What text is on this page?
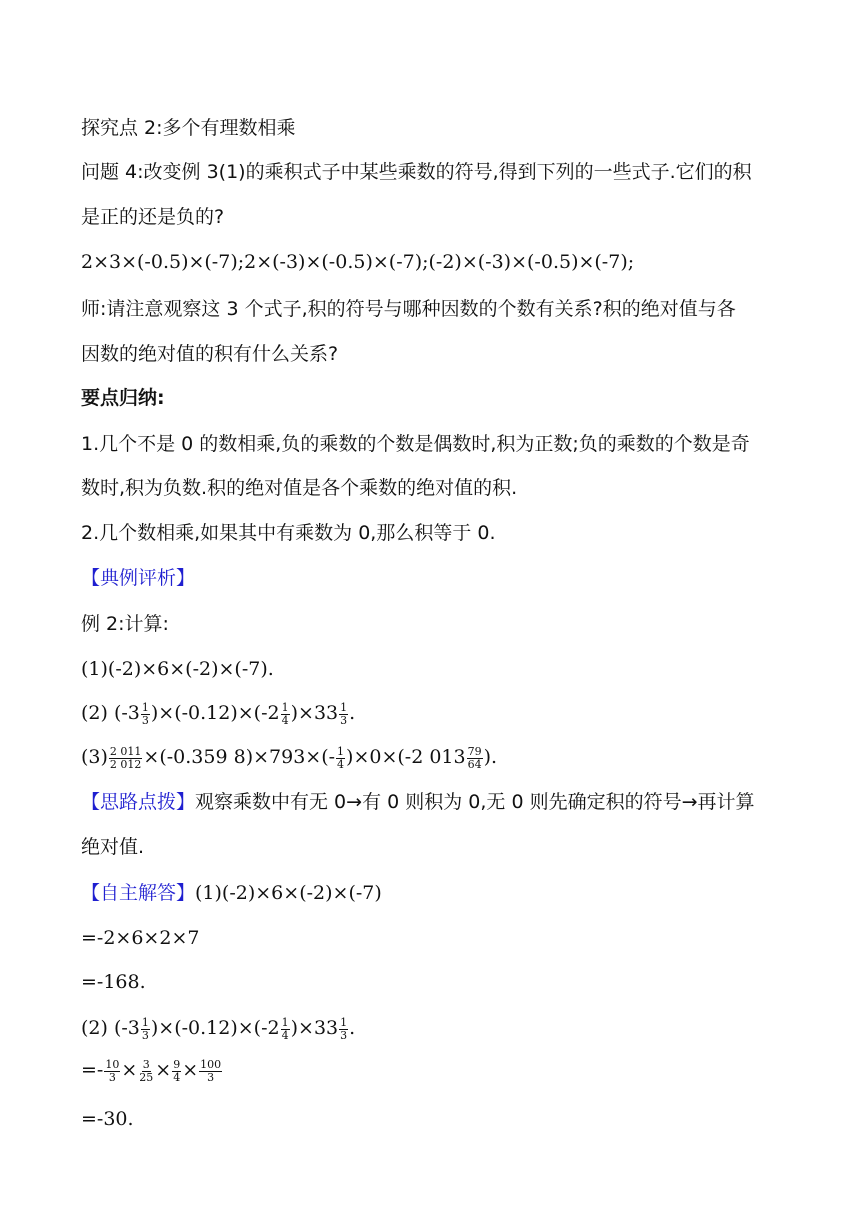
探究点 2:多个有理数相乘
问题 4:改变例 3(1)的乘积式子中某些乘数的符号,得到下列的一些式子.它们的积
是正的还是负的?
2×3×(-0.5)×(-7);2×(-3)×(-0.5)×(-7);(-2)×(-3)×(-0.5)×(-7);
师:请注意观察这 3 个式子,积的符号与哪种因数的个数有关系?积的绝对值与各
因数的绝对值的积有什么关系?
要点归纳:
1.几个不是 0 的数相乘,负的乘数的个数是偶数时,积为正数;负的乘数的个数是奇
数时,积为负数.积的绝对值是各个乘数的绝对值的积.
2.几个数相乘,如果其中有乘数为 0,那么积等于 0.
【典例评析】
例 2:计算:
(1)(-2)×6×(-2)×(-7).
(2) $(-3 \frac{1}{3} )\times(-0.12)\times(-2 \frac{1}{4} )\times 33 \frac{1}{3}$ .
$(3) \frac{2 011}{2 012} \times(-0.359$ $8)\times 793\times(- \frac{1}{4} )\times 0\times(-2$ $013 \frac{79}{64}$ ).
【思路点拨】观察乘数中有无 0→有 0 则积为 0,无 0 则先确定积的符号→再计算
绝对值.
【自主解答】(1)(-2)×6×(-2)×(-7)
=-2×6×2×7
=-168.
(2) $(-3 \frac{1}{3} )\times(-0.12)\times(-2 \frac{1}{4} )\times 33 \frac{1}{3}$ .
=- $\frac{10}{3} \times \frac{3}{25} \times \frac{9}{4} \times \frac{100}{3}$
=-30.
